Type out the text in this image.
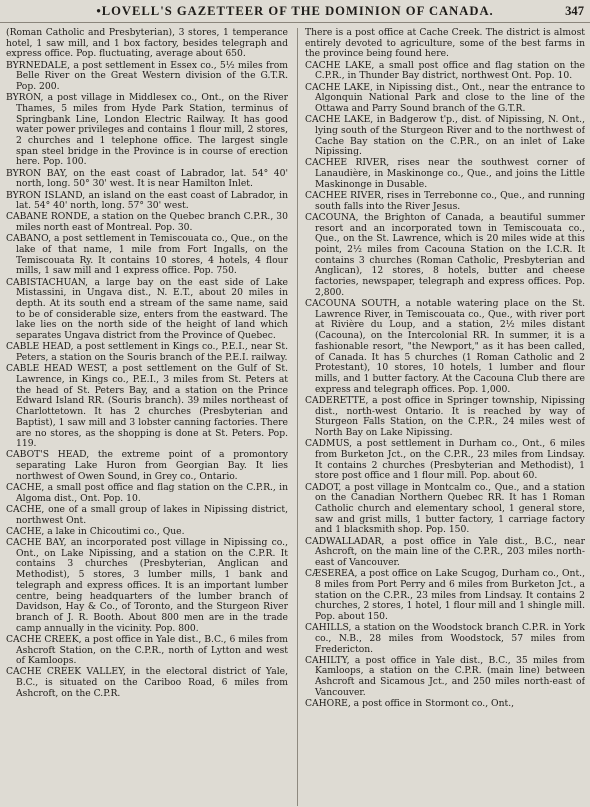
•LOVELL'S GAZETTEER OF THE DOMINION OF CANADA.	347

(Roman Catholic and Presbyterian), 3 stores, 1 temperance hotel, 1 saw mill, and 1 box factory, besides telegraph and express office. Pop. fluctuating, average about 650.

BYRNEDALE, a post settlement in Essex co., 5½ miles from Belle River on the Great Western division of the G.T.R. Pop. 200.

BYRON, a post village in Middlesex co., Ont., on the River Thames, 5 miles from Hyde Park Station, terminus of Springbank Line, London Electric Railway. It has good water power privileges and contains 1 flour mill, 2 stores, 2 churches and 1 telephone office. The largest single span steel bridge in the Province is in course of erection here. Pop. 100.

BYRON BAY, on the east coast of Labrador, lat. 54° 40' north, long. 50° 30' west. It is near Hamilton Inlet.

BYRON ISLAND, an island on the east coast of Labrador, in lat. 54° 40' north, long. 57° 30' west.

CABANE RONDE, a station on the Quebec branch C.P.R., 30 miles north east of Montreal. Pop. 30.

CABANO, a post settlement in Temiscouata co., Que., on the lake of that name, 1 mile from Fort Ingalls, on the Temiscouata Ry. It contains 10 stores, 4 hotels, 4 flour mills, 1 saw mill and 1 express office. Pop. 750.

CABISTACHUAN, a large bay on the east side of Lake Mistassini, in Ungava dist., N. E.T., about 20 miles in depth. At its south end a stream of the same name, said to be of considerable size, enters from the eastward. The lake lies on the north side of the height of land which separates Ungava district from the Province of Quebec.

CABLE HEAD, a post settlement in Kings co., P.E.I., near St. Peters, a station on the Souris branch of the P.E.I. railway.

CABLE HEAD WEST, a post settlement on the Gulf of St. Lawrence, in Kings co., P.E.I., 3 miles from St. Peters at the head of St. Peters Bay, and a station on the Prince Edward Island RR. (Souris branch). 39 miles northeast of Charlottetown. It has 2 churches (Presbyterian and Baptist), 1 saw mill and 3 lobster canning factories. There are no stores, as the shopping is done at St. Peters. Pop. 119.

CABOT'S HEAD, the extreme point of a promontory separating Lake Huron from Georgian Bay. It lies northwest of Owen Sound, in Grey co., Ontario.

CACHE, a small post office and flag station on the C.P.R., in Algoma dist., Ont. Pop. 10.

CACHE, one of a small group of lakes in Nipissing district, northwest Ont.

CACHE, a lake in Chicoutimi co., Que.

CACHE BAY, an incorporated post village in Nipissing co., Ont., on Lake Nipissing, and a station on the C.P.R. It contains 3 churches (Presbyterian, Anglican and Methodist), 5 stores, 3 lumber mills, 1 bank and telegraph and express offices. It is an important lumber centre, being headquarters of the lumber branch of Davidson, Hay & Co., of Toronto, and the Sturgeon River branch of J. R. Booth. About 800 men are in the trade camp annually in the vicinity. Pop. 800.

CACHE CREEK, a post office in Yale dist., B.C., 6 miles from Ashcroft Station, on the C.P.R., north of Lytton and west of Kamloops.

CACHE CREEK VALLEY, in the electoral district of Yale, B.C., is situated on the Cariboo Road, 6 miles from Ashcroft, on the C.P.R.

There is a post office at Cache Creek. The district is almost entirely devoted to agriculture, some of the best farms in the province being found here.

CACHE LAKE, a small post office and flag station on the C.P.R., in Thunder Bay district, northwest Ont. Pop. 10.

CACHE LAKE, in Nipissing dist., Ont., near the entrance to Algonquin National Park and close to the line of the Ottawa and Parry Sound branch of the G.T.R.

CACHE LAKE, in Badgerow t'p., dist. of Nipissing, N. Ont., lying south of the Sturgeon River and to the northwest of Cache Bay station on the C.P.R., on an inlet of Lake Nipissing.

CACHEE RIVER, rises near the southwest corner of Lanaudière, in Maskinonge co., Que., and joins the Little Maskinonge in Dusable.

CACHEE RIVER, rises in Terrebonne co., Que., and running south falls into the River Jesus.

CACOUNA, the Brighton of Canada, a beautiful summer resort and an incorporated town in Temiscouata co., Que., on the St. Lawrence, which is 20 miles wide at this point, 2½ miles from Cacouna Station on the I.C.R. It contains 3 churches (Roman Catholic, Presbyterian and Anglican), 12 stores, 8 hotels, butter and cheese factories, newspaper, telegraph and express offices. Pop. 2,800.

CACOUNA SOUTH, a notable watering place on the St. Lawrence River, in Temiscouata co., Que., with river port at Rivière du Loup, and a station, 2½ miles distant (Cacouna), on the Intercolonial RR. In summer, it is a fashionable resort, "the Newport," as it has been called, of Canada. It has 5 churches (1 Roman Catholic and 2 Protestant), 10 stores, 10 hotels, 1 lumber and flour mills, and 1 butter factory. At the Cacouna Club there are express and telegraph offices. Pop. 1,000.

CADERETTE, a post office in Springer township, Nipissing dist., north-west Ontario. It is reached by way of Sturgeon Falls Station, on the C.P.R., 24 miles west of North Bay on Lake Nipissing.

CADMUS, a post settlement in Durham co., Ont., 6 miles from Burketon Jct., on the C.P.R., 23 miles from Lindsay. It contains 2 churches (Presbyterian and Methodist), 1 store post office and 1 flour mill. Pop. about 60.

CADOT, a post village in Montcalm co., Que., and a station on the Canadian Northern Quebec RR. It has 1 Roman Catholic church and elementary school, 1 general store, saw and grist mills, 1 butter factory, 1 carriage factory and 1 blacksmith shop. Pop. 150.

CADWALLADAR, a post office in Yale dist., B.C., near Ashcroft, on the main line of the C.P.R., 203 miles north-east of Vancouver.

CÆSEREA, a post office on Lake Scugog, Durham co., Ont., 8 miles from Port Perry and 6 miles from Burketon Jct., a station on the C.P.R., 23 miles from Lindsay. It contains 2 churches, 2 stores, 1 hotel, 1 flour mill and 1 shingle mill. Pop. about 150.

CAHILLS, a station on the Woodstock branch C.P.R. in York co., N.B., 28 miles from Woodstock, 57 miles from Fredericton.

CAHILTY, a post office in Yale dist., B.C., 35 miles from Kamloops, a station on the C.P.R. (main line) between Ashcroft and Sicamous Jct., and 250 miles north-east of Vancouver.

CAHORE, a post office in Stormont co., Ont.,
